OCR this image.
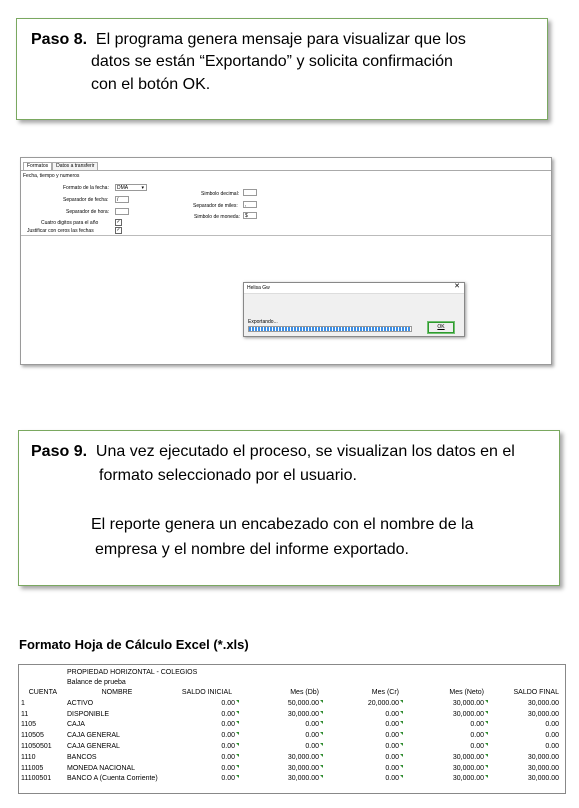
Paso 8. El programa genera mensaje para visualizar que los

datos se están “Exportando” y solicita confirmación

con el botón OK.

Formatos	Datos a transferir
Fecha, tiempo y numeros
Formato de la fecha:	DMA	▾
Separador de fecha:	/
Separador de hora:
Cuatro digitos para el año	✓
Justificar con ceros las fechas	✓
Simbolo decimal:
Separador de miles:	,
Simbolo de moneda:	$
Helisa Gw	✕
Exportando...
OK

Paso 9. Una vez ejecutado el proceso, se visualizan los datos en el

formato seleccionado por el usuario.

El reporte genera un encabezado con el nombre de la

empresa y el nombre del informe exportado.

Formato Hoja de Cálculo Excel (*.xls)
PROPIEDAD HORIZONTAL - COLEGIOS
Balance de prueba
CUENTA	NOMBRE	SALDO INICIAL	Mes (Db)	Mes (Cr)	Mes (Neto)	SALDO FINAL
1	ACTIVO	0.00	50,000.00	20,000.00	30,000.00	30,000.00
11	DISPONIBLE	0.00	30,000.00	0.00	30,000.00	30,000.00
1105	CAJA	0.00	0.00	0.00	0.00	0.00
110505	CAJA GENERAL	0.00	0.00	0.00	0.00	0.00
11050501	CAJA GENERAL	0.00	0.00	0.00	0.00	0.00
1110	BANCOS	0.00	30,000.00	0.00	30,000.00	30,000.00
111005	MONEDA NACIONAL	0.00	30,000.00	0.00	30,000.00	30,000.00
11100501	BANCO A (Cuenta Corriente)	0.00	30,000.00	0.00	30,000.00	30,000.00
